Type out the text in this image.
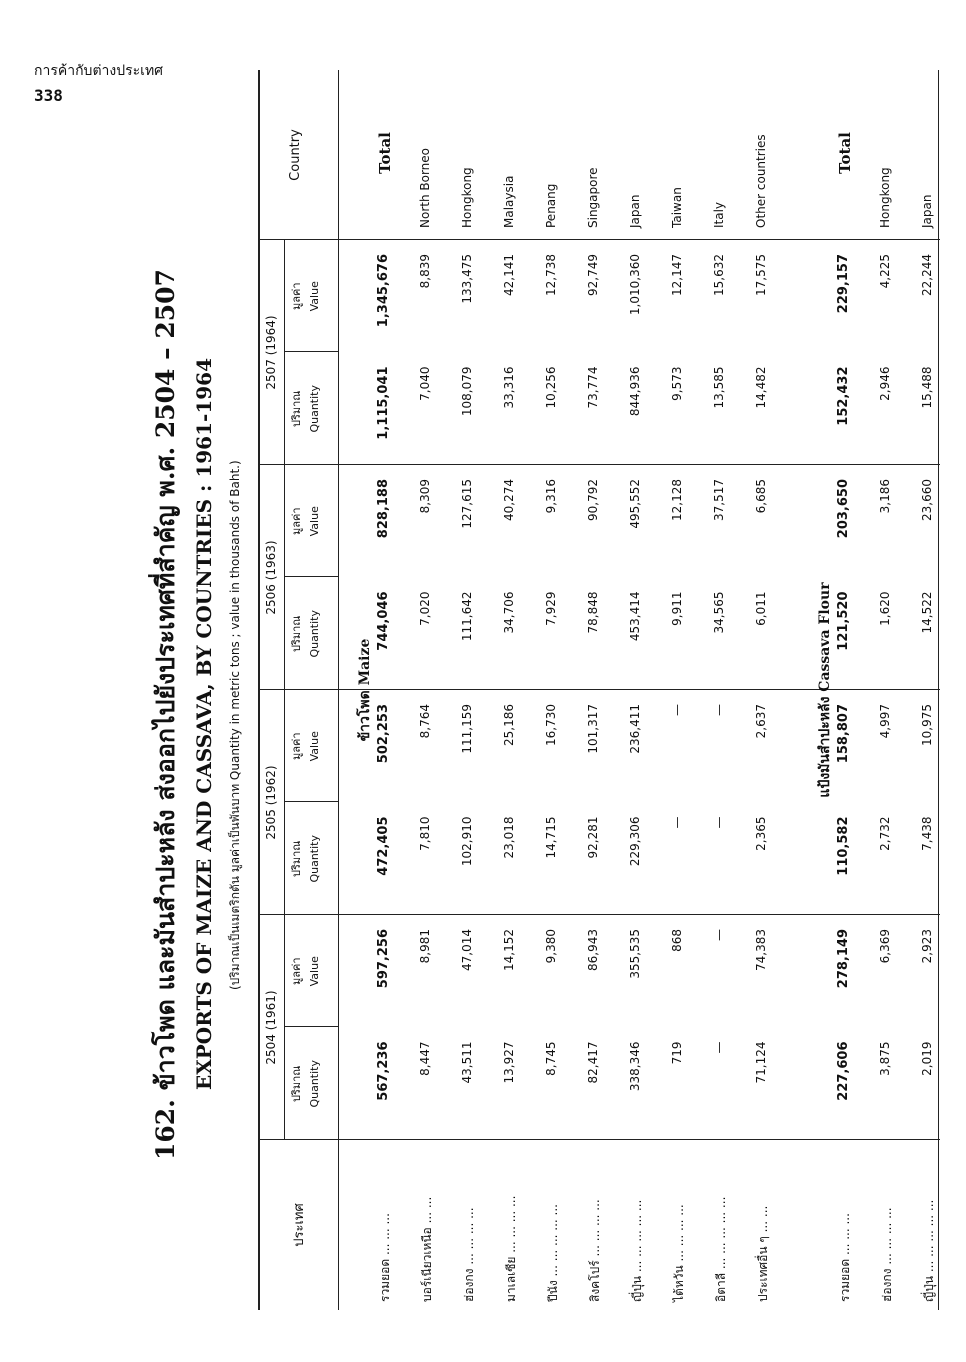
การค้ากับต่างประเทศ
338
162. ข้าวโพด และมันสำปะหลัง ส่งออกไปยังประเทศที่สำคัญ พ.ศ. 2504 – 2507 EXPORTS OF MAIZE AND CASSAVA, BY COUNTRIES : 1961-1964 (ปริมาณเป็นเมตริกตัน มูลค่าเป็นพันบาท Quantity in metric tons ; value in thousands of Baht.)
ประเทศ
Country
2504 (1961)
ปริมาณ Quantity
มูลค่า Value
2505 (1962)
ปริมาณ Quantity
มูลค่า Value
2506 (1963)
ปริมาณ Quantity
มูลค่า Value
2507 (1964)
ปริมาณ Quantity
มูลค่า Value
ข้าวโพด Maize
รวมยอด ... ... ...
567,236
597,256
472,405
502,253
744,046
828,188
1,115,041
1,345,676
Total
บอร์เนียวเหนือ ... ...
8,447
8,981
7,810
8,764
7,020
8,309
7,040
8,839
North Borneo
ฮ่องกง ... ... ... ...
43,511
47,014
102,910
111,159
111,642
127,615
108,079
133,475
Hongkong
มาเลเซีย ... ... ... ...
13,927
14,152
23,018
25,186
34,706
40,274
33,316
42,141
Malaysia
ปีนัง ... ... ... ... ...
8,745
9,380
14,715
16,730
7,929
9,316
10,256
12,738
Penang
สิงคโปร์ ... ... ... ...
82,417
86,943
92,281
101,317
78,848
90,792
73,774
92,749
Singapore
ญี่ปุ่น ... ... ... ... ...
338,346
355,535
229,306
236,411
453,414
495,552
844,936
1,010,360
Japan
ไต้หวัน ... ... ... ...
719
868
—
—
9,911
12,128
9,573
12,147
Taiwan
อิตาลี ... ... ... ... ...
—
—
—
—
34,565
37,517
13,585
15,632
Italy
ประเทศอื่น ๆ ... ...
71,124
74,383
2,365
2,637
6,011
6,685
14,482
17,575
Other countries
แป้งมันสำปะหลัง Cassava Flour
รวมยอด ... ... ...
227,606
278,149
110,582
158,807
121,520
203,650
152,432
229,157
Total
ฮ่องกง ... ... ... ...
3,875
6,369
2,732
4,997
1,620
3,186
2,946
4,225
Hongkong
ญี่ปุ่น ... ... ... ... ...
2,019
2,923
7,438
10,975
14,522
23,660
15,488
22,244
Japan
